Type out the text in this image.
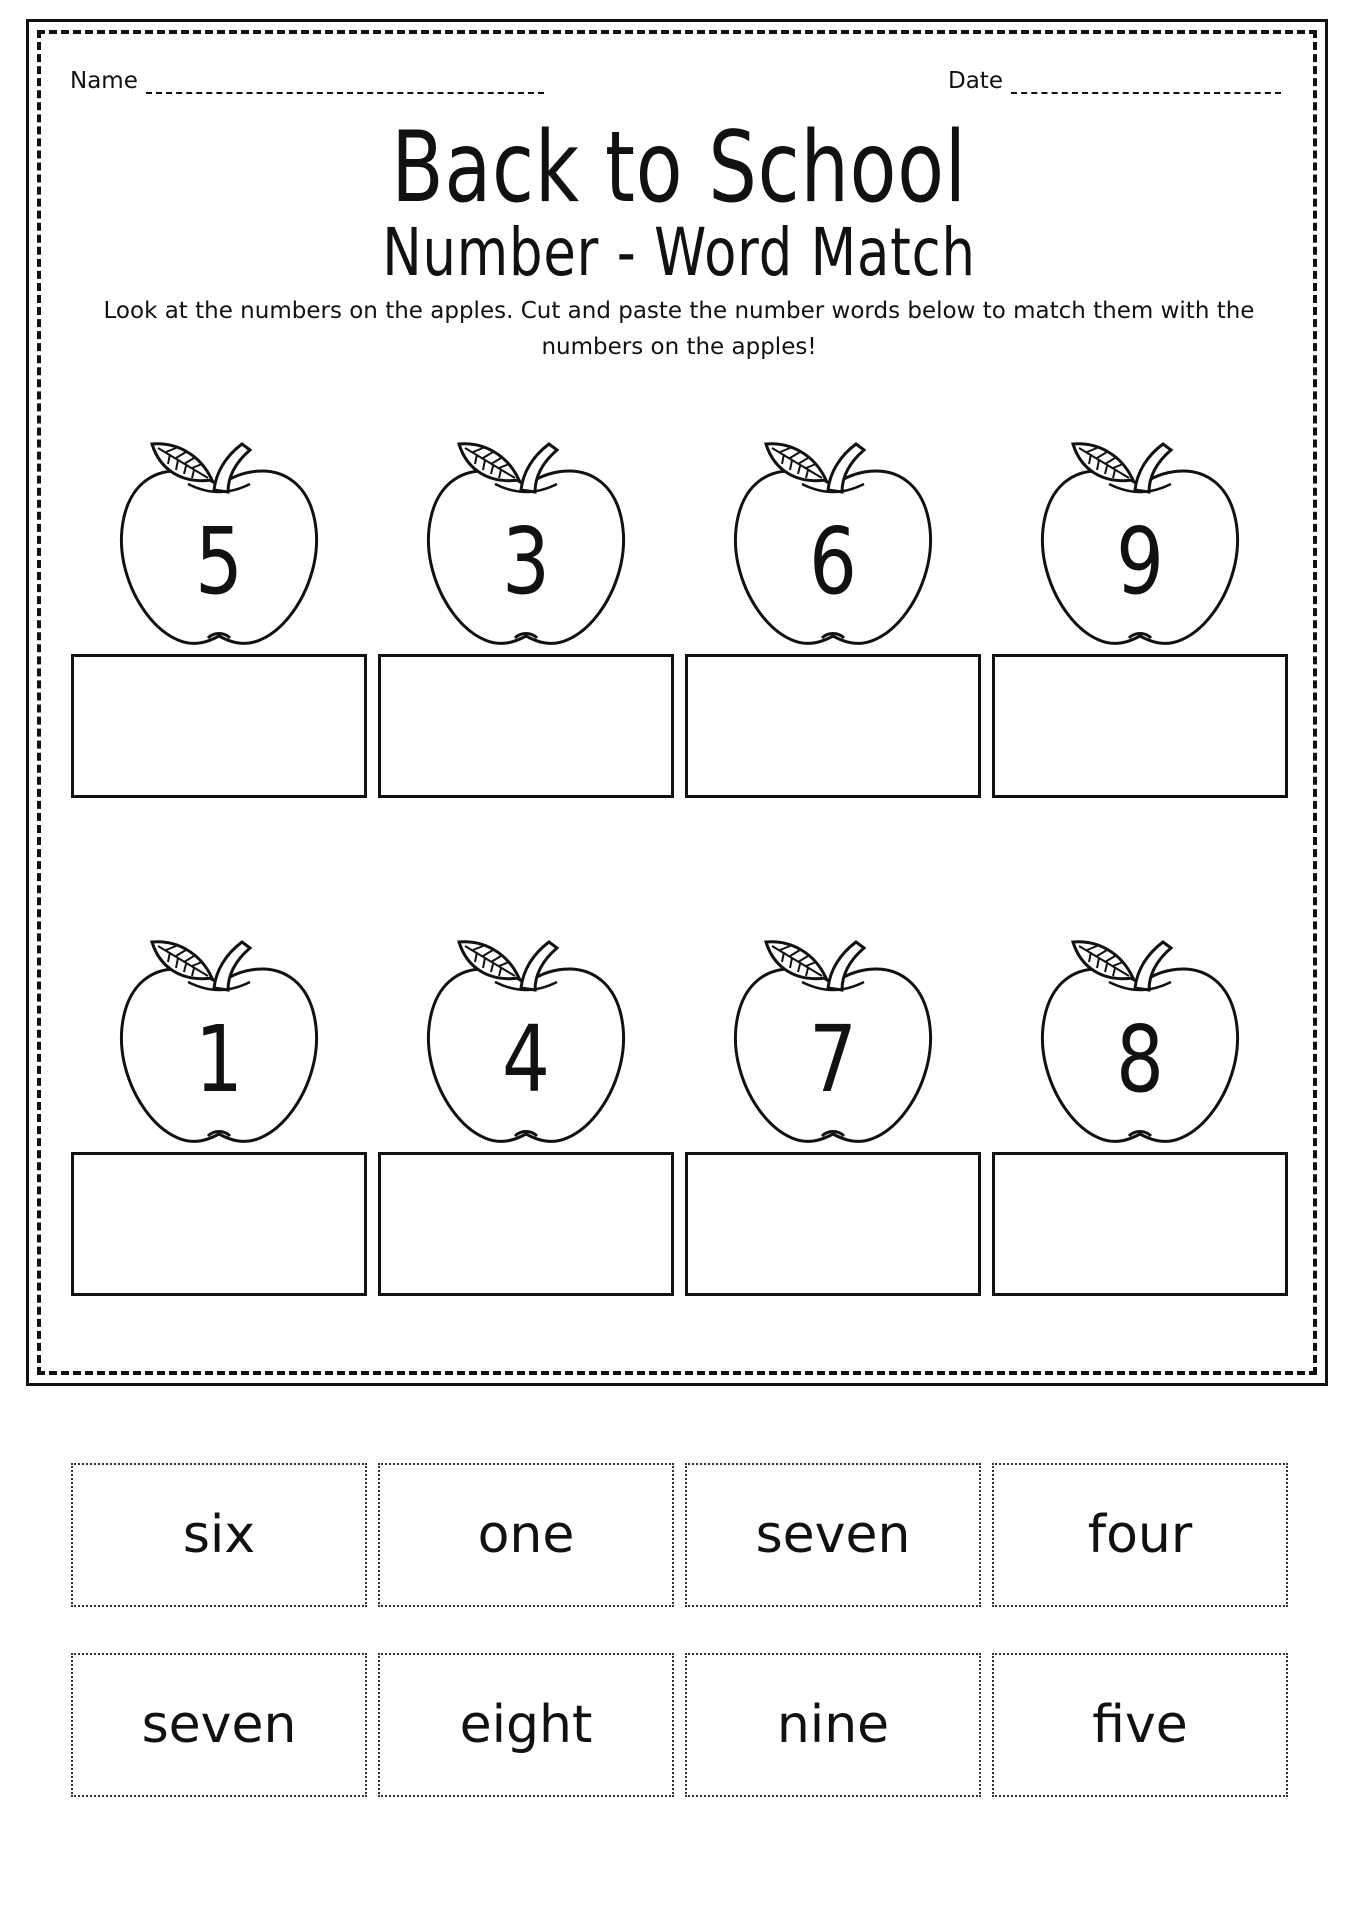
Name	Date
Back to School
Number - Word Match
Look at the numbers on the apples. Cut and paste the number words below to match them with the numbers on the apples!
5	3	6	9
1	4	7	8
six	one	seven	four
seven	eight	nine	five
